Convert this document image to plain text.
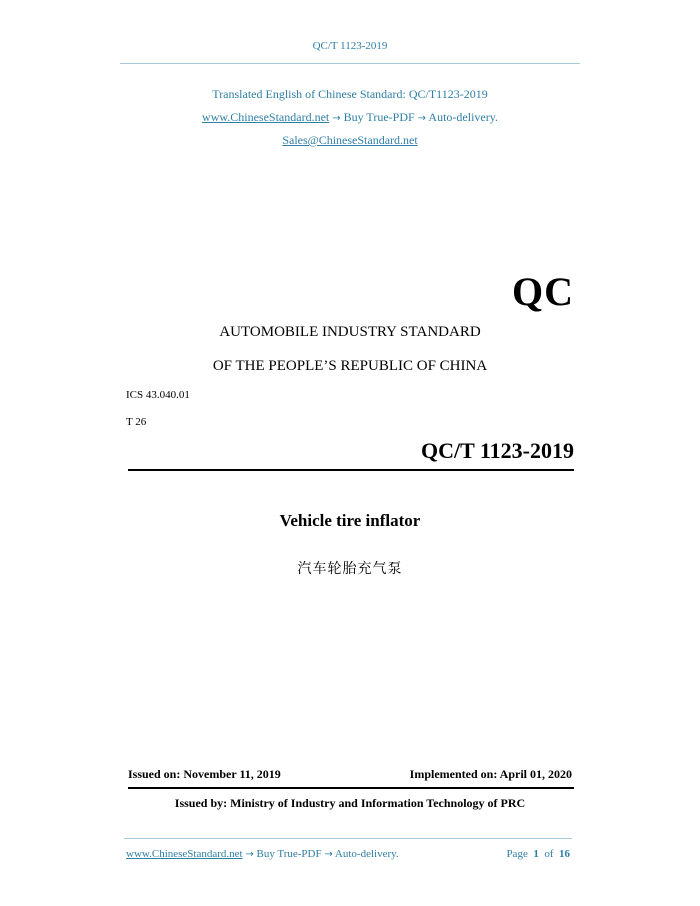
QC/T 1123-2019
Translated English of Chinese Standard: QC/T1123-2019
www.ChineseStandard.net → Buy True-PDF → Auto-delivery.
Sales@ChineseStandard.net
QC
AUTOMOBILE INDUSTRY STANDARD
OF THE PEOPLE’S REPUBLIC OF CHINA
ICS 43.040.01
T 26
QC/T 1123-2019
Vehicle tire inflator
汽车轮胎充气泵
Issued on: November 11, 2019	Implemented on: April 01, 2020
Issued by: Ministry of Industry and Information Technology of PRC
www.ChineseStandard.net → Buy True-PDF → Auto-delivery.	Page 1 of 16
